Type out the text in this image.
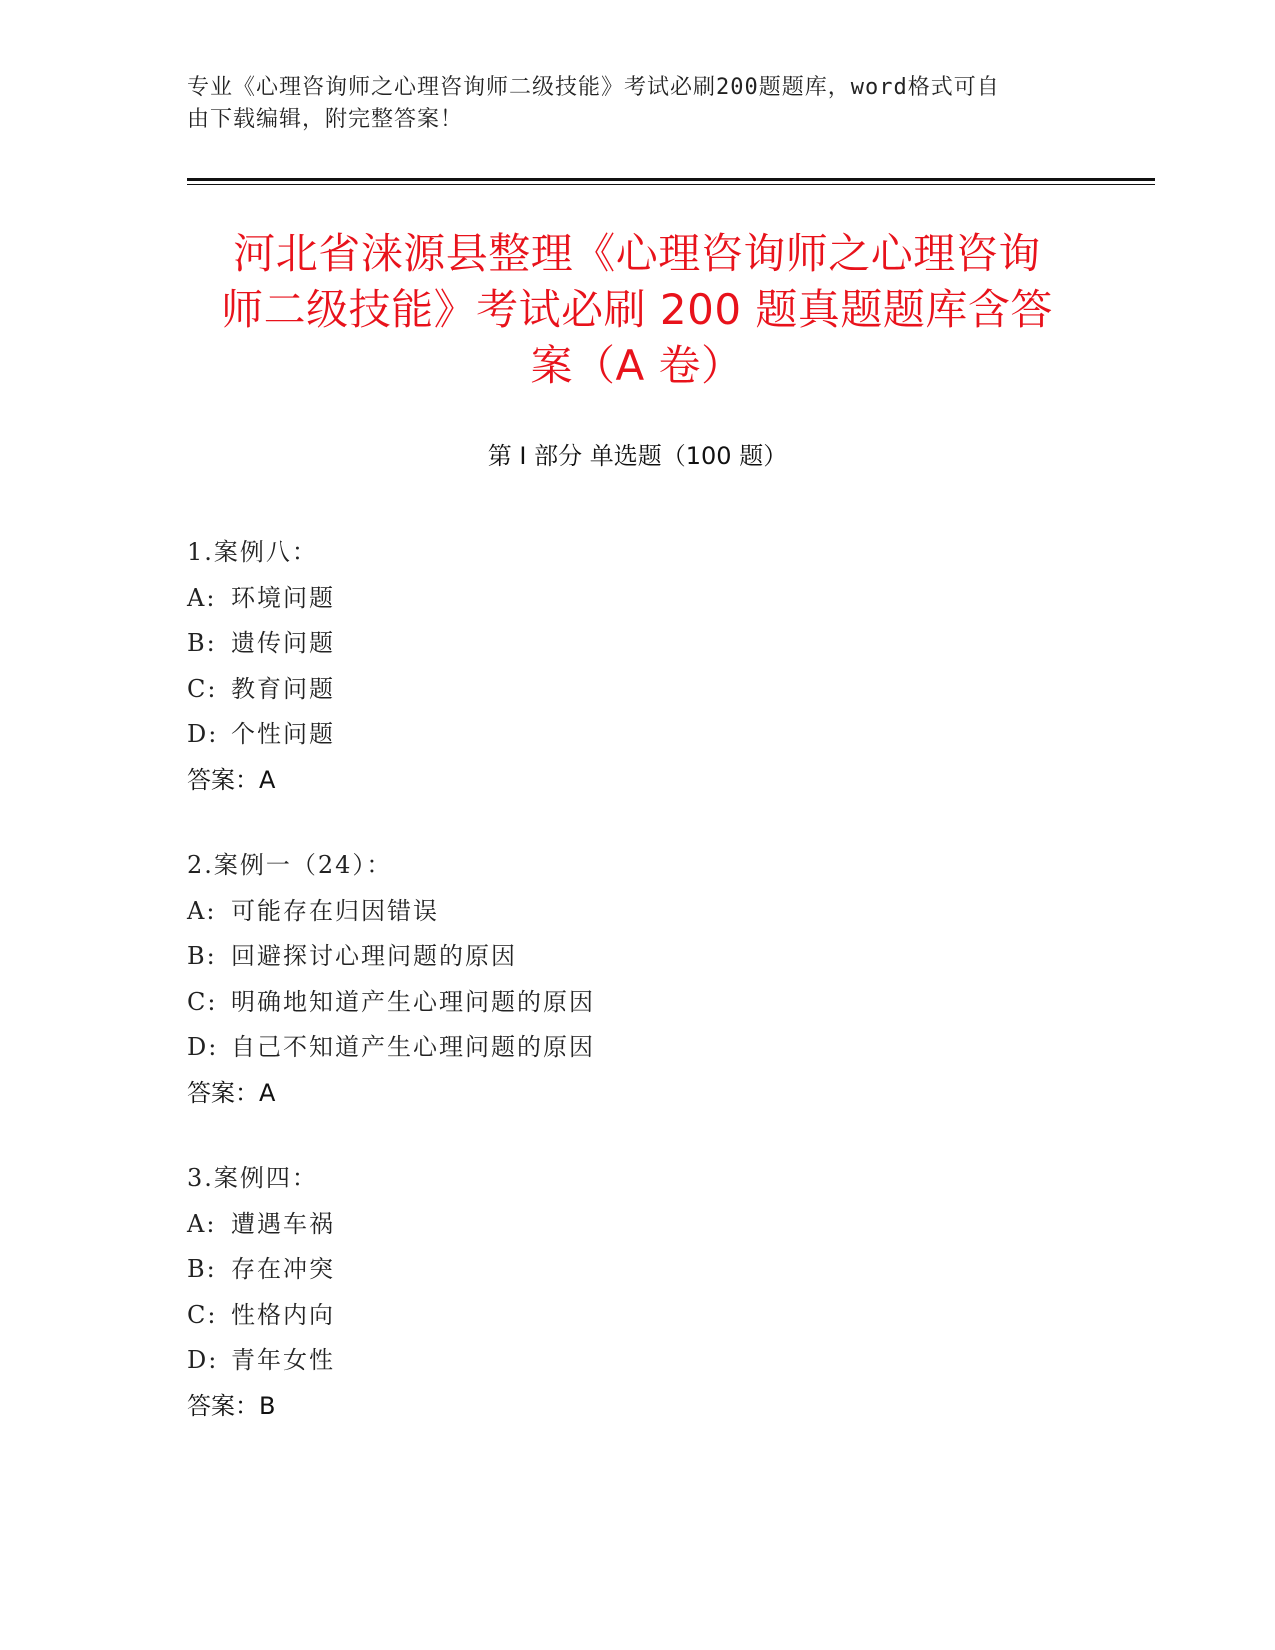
专业《心理咨询师之心理咨询师二级技能》考试必刷200题题库，word格式可自
由下载编辑，附完整答案！
河北省涞源县整理《心理咨询师之心理咨询
师二级技能》考试必刷 200 题真题题库含答
案（A 卷）
第 I 部分 单选题（100 题）
1.案例八：
A: 环境问题
B: 遗传问题
C: 教育问题
D: 个性问题
答案：A
2.案例一（24）：
A: 可能存在归因错误
B: 回避探讨心理问题的原因
C: 明确地知道产生心理问题的原因
D: 自己不知道产生心理问题的原因
答案：A
3.案例四：
A: 遭遇车祸
B: 存在冲突
C: 性格内向
D: 青年女性
答案：B
